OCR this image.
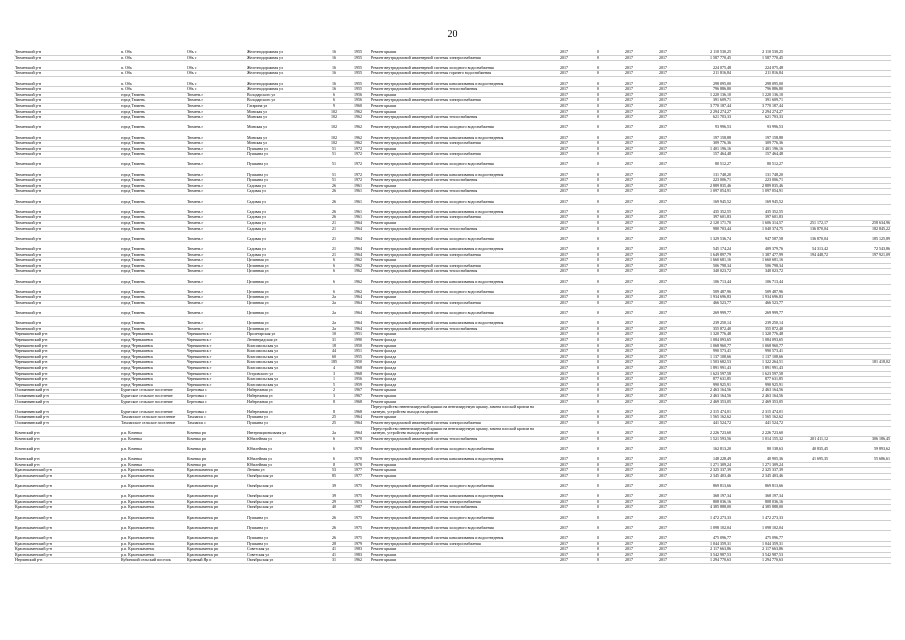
20
Тюменский р-н	п. Обь	Обь с	Железнодорожная ул	16	1955	Ремонт крыши	2017	0	2017	2017	2 110 530,25	2 110 530,25			
Тюменский р-н	п. Обь	Обь с	Железнодорожная ул	16	1955	Ремонт внутридомовой инженерной системы электроснабжения	2017	0	2017	2017	1 587 770,45	1 587 770,45			
Тюменский р-н	п. Обь	Обь с	Железнодорожная ул	16	1955	Ремонт внутридомовой инженерной системы холодного водоснабжения	2017	0	2017	2017	224 075,48	224 075,48			
Тюменский р-н	п. Обь	Обь с	Железнодорожная ул	16	1955	Ремонт внутридомовой инженерной системы горячего водоснабжения	2017	0	2017	2017	211 816,84	211 816,84			
Тюменский р-н	п. Обь	Обь с	Железнодорожная ул	16	1955	Ремонт внутридомовой инженерной системы канализования и водоотведения	2017	0	2017	2017	298 095,00	298 095,00			
Тюменский р-н	п. Обь	Обь с	Железнодорожная ул	16	1955	Ремонт внутридомовой инженерной системы теплоснабжения	2017	0	2017	2017	796 886,80	796 886,80			
Тюменский р-н	город Тюмень	Тюмень г	Володарского ул	6	1956	Ремонт крыши	2017	0	2017	2017	1 220 136,10	1 220 136,10			
Тюменский р-н	город Тюмень	Тюмень г	Володарского ул	6	1956	Ремонт внутридомовой инженерной системы электроснабжения	2017	0	2017	2017	391 609,71	391 609,71			
Тюменский р-н	город Тюмень	Тюмень г	Гагарина ул	9	1960	Ремонт крыши	2017	0	2017	2017	3 770 187,44	3 770 187,44			
Тюменский р-н	город Тюмень	Тюмень г	Минская ул	102	1962	Ремонт крыши	2017	0	2017	2017	2 294 274,27	2 294 274,27			
Тюменский р-н	город Тюмень	Тюмень г	Минская ул	102	1962	Ремонт внутридомовой инженерной системы теплоснабжения	2017	0	2017	2017	621 703,33	621 703,33			
Тюменский р-н	город Тюмень	Тюмень г	Минская ул	102	1962	Ремонт внутридомовой инженерной системы холодного водоснабжения	2017	0	2017	2017	93 996,53	93 996,53			
Тюменский р-н	город Тюмень	Тюмень г	Минская ул	102	1962	Ремонт внутридомовой инженерной системы канализования и водоотведения	2017	0	2017	2017	197 158,88	197 158,88			
Тюменский р-н	город Тюмень	Тюмень г	Минская ул	102	1962	Ремонт внутридомовой инженерной системы электроснабжения	2017	0	2017	2017	309 776,36	309 776,36			
Тюменский р-н	город Тюмень	Тюмень г	Пушкина ул	51	1972	Ремонт крыши	2017	0	2017	2017	1 401 196,16	1 401 196,16			
Тюменский р-н	город Тюмень	Тюмень г	Пушкина ул	51	1972	Ремонт внутридомовой инженерной системы электроснабжения	2017	0	2017	2017	157 464,48	157 464,48			
Тюменский р-н	город Тюмень	Тюмень г	Пушкина ул	51	1972	Ремонт внутридомовой инженерной системы холодного водоснабжения	2017	0	2017	2017	80 512,27	80 512,27			
Тюменский р-н	город Тюмень	Тюмень г	Пушкина ул	51	1972	Ремонт внутридомовой инженерной системы канализования и водоотведения	2017	0	2017	2017	131 748,20	131 748,20			
Тюменский р-н	город Тюмень	Тюмень г	Пушкина ул	51	1972	Ремонт внутридомовой инженерной системы теплоснабжения	2017	0	2017	2017	223 006,71	223 006,71			
Тюменский р-н	город Тюмень	Тюмень г	Садовая ул	26	1961	Ремонт крыши	2017	0	2017	2017	2 889 835,46	2 889 835,46			
Тюменский р-н	город Тюмень	Тюмень г	Садовая ул	26	1961	Ремонт внутридомовой инженерной системы теплоснабжения	2017	0	2017	2017	1 097 054,91	1 097 054,91			
Тюменский р-н	город Тюмень	Тюмень г	Садовая ул	26	1961	Ремонт внутридомовой инженерной системы холодного водоснабжения	2017	0	2017	2017	169 945,52	169 945,52			
Тюменский р-н	город Тюмень	Тюмень г	Садовая ул	26	1961	Ремонт внутридомовой инженерной системы канализования и водоотведения	2017	0	2017	2017	435 352,55	435 352,55			
Тюменский р-н	город Тюмень	Тюмень г	Садовая ул	26	1961	Ремонт внутридомовой инженерной системы электроснабжения	2017	0	2017	2017	397 601,83	397 601,83			
Тюменский р-н	город Тюмень	Тюмень г	Садовая ул	21	1964	Ремонт крыши	2017	0	2017	2017	2 120 171,70	1 606 314,57	251 172,17		258 634,96
Тюменский р-н	город Тюмень	Тюмень г	Садовая ул	21	1964	Ремонт внутридомовой инженерной системы теплоснабжения	2017	0	2017	2017	980 703,44	1 040 374,75	136 870,04		182 845,22
Тюменский р-н	город Тюмень	Тюмень г	Садовая ул	21	1964	Ремонт внутридомовой инженерной системы холодного водоснабжения	2017	0	2017	2017	1 329 536,74	947 587,58	136 870,04		185 125,89
Тюменский р-н	город Тюмень	Тюмень г	Садовая ул	21	1964	Ремонт внутридомовой инженерной системы канализования и водоотведения	2017	0	2017	2017	545 174,24	409 379,76	54 313,42		72 543,86
Тюменский р-н	город Тюмень	Тюмень г	Садовая ул	21	1964	Ремонт внутридомовой инженерной системы электроснабжения	2017	0	2017	2017	1 649 897,79	1 387 477,99	194 448,72		197 921,09
Тюменский р-н	город Тюмень	Тюмень г	Целинная ул	6	1962	Ремонт крыши	2017	0	2017	2017	1 660 681,16	1 660 681,16			
Тюменский р-н	город Тюмень	Тюмень г	Целинная ул	6	1962	Ремонт внутридомовой инженерной системы электроснабжения	2017	0	2017	2017	506 798,34	506 798,34			
Тюменский р-н	город Тюмень	Тюмень г	Целинная ул	6	1962	Ремонт внутридомовой инженерной системы теплоснабжения	2017	0	2017	2017	340 023,72	340 023,72			
Тюменский р-н	город Тюмень	Тюмень г	Целинная ул	6	1962	Ремонт внутридомовой инженерной системы канализования и водоотведения	2017	0	2017	2017	106 713,44	106 713,44			
Тюменский р-н	город Тюмень	Тюмень г	Целинная ул	6	1962	Ремонт внутридомовой инженерной системы холодного водоснабжения	2017	0	2017	2017	509 487,96	509 487,96			
Тюменский р-н	город Тюмень	Тюмень г	Целинная ул	2а	1964	Ремонт крыши	2017	0	2017	2017	1 934 696,83	1 934 696,83			
Тюменский р-н	город Тюмень	Тюмень г	Целинная ул	2а	1964	Ремонт внутридомовой инженерной системы электроснабжения	2017	0	2017	2017	466 523,77	466 523,77			
Тюменский р-н	город Тюмень	Тюмень г	Целинная ул	2а	1964	Ремонт внутридомовой инженерной системы холодного водоснабжения	2017	0	2017	2017	269 999,77	269 999,77			
Тюменский р-н	город Тюмень	Тюмень г	Целинная ул	2а	1964	Ремонт внутридомовой инженерной системы канализования и водоотведения	2017	0	2017	2017	239 250,14	239 250,14			
Тюменский р-н	город Тюмень	Тюмень г	Целинная ул	2а	1964	Ремонт внутридомовой инженерной системы теплоснабжения	2017	0	2017	2017	355 872,40	355 872,40			
Чернышевский р-н	город Чернышевск	Чернышевск г	Пролетарская ул	10	1951	Ремонт крыши	2017	0	2017	2017	1 320 776,48	1 320 776,48			
Чернышевский р-н	город Чернышевск	Чернышевск г	Ленинградская ул	31	1990	Ремонт фасада	2017	0	2017	2017	1 084 093,65	1 084 093,65			
Чернышевский р-н	город Чернышевск	Чернышевск г	Комсомольская ул	18	1950	Ремонт крыши	2017	0	2017	2017	1 068 960,77	1 068 960,77			
Чернышевский р-н	город Чернышевск	Чернышевск г	Комсомольская ул	44	1951	Ремонт фасада	2017	0	2017	2017	990 573,41	990 573,41			
Чернышевский р-н	город Чернышевск	Чернышевск г	Комсомольская ул	60	1955	Ремонт фасада	2017	0	2017	2017	1 137 108,66	1 137 108,66			
Чернышевский р-н	город Чернышевск	Чернышевск г	Комсомольская ул	185	1950	Ремонт фасада	2017	0	2017	2017	1 503 682,53	1 322 264,51			181 418,02
Чернышевский р-н	город Чернышевск	Чернышевск г	Комсомольская ул	4	1968	Ремонт фасада	2017	0	2017	2017	1 891 991,43	1 891 991,43			
Чернышевский р-н	город Чернышевск	Чернышевск г	Островского ул	3	1968	Ремонт фасада	2017	0	2017	2017	1 623 597,58	1 623 597,58			
Чернышевский р-н	город Чернышевск	Чернышевск г	Комсомольская ул	1	1956	Ремонт фасада	2017	0	2017	2017	877 631,85	877 631,85			
Чернышевский р-н	город Чернышевск	Чернышевск г	Комсомольская ул	5	1959	Ремонт фасада	2017	0	2017	2017	990 925,91	990 925,91			
Оловяннинский р-н	Бурятское сельское поселение	Березовка с	Набережная ул	2	1967	Ремонт крыши	2017	0	2017	2017	2 463 164,56	2 463 164,56			
Оловяннинский р-н	Бурятское сельское поселение	Березовка с	Набережная ул	3	1967	Ремонт крыши	2017	0	2017	2017	2 463 164,56	2 463 164,56			
Оловяннинский р-н	Бурятское сельское поселение	Березовка с	Набережная ул	8	1968	Ремонт крыши	2017	0	2017	2017	2 469 353,05	2 469 353,05			
Оловяннинский р-н	Бурятское сельское поселение	Березовка с	Набережная ул	8	1968	Переустройство невентилируемой крыши на вентилируемую крышу, замена плоской кровли на скатную, устройство выхода на кровлю	2017	0	2017	2017	2 315 474,01	2 315 474,01			
Оловяннинский р-н	Тамлапское сельское поселение	Тамлапск с	Пушкина ул	25	1964	Ремонт крыши	2017	0	2017	2017	1 565 162,62	1 565 162,62			
Оловяннинский р-н	Тамлапское сельское поселение	Тамлапск с	Пушкина ул	25	1964	Ремонт внутридомовой инженерной системы электроснабжения	2017	0	2017	2017	441 524,72	441 524,72			
Кочевский р-н	р.п. Кочевка	Кочевка рп	Интернациональная ул	2а	1964	Переустройство невентилируемой крыши на вентилируемую крышу, замена плоской кровли на скатную, устройство выхода на кровлю	2017	0	2017	2017	2 226 723,60	2 226 723,60			
Кочевский р-н	р.п. Кочевка	Кочевка рп	Юбилейная ул	6	1970	Ремонт внутридомовой инженерной системы теплоснабжения	2017	0	2017	2017	1 521 593,56	1 014 155,32	201 411,12		306 186,45
Кочевский р-н	р.п. Кочевка	Кочевка рп	Юбилейная ул	6	1970	Ремонт внутридомовой инженерной системы холодного водоснабжения	2017	0	2017	2017	162 813,20	80 138,63	40 835,45		59 893,62
Кочевский р-н	р.п. Кочевка	Кочевка рп	Юбилейная ул	6	1970	Ремонт внутридомовой инженерной системы канализования и водоотведения	2017	0	2017	2017	148 228,49	40 905,36	41 695,35		55 686,61
Кочевский р-н	р.п. Кочевка	Кочевка рп	Юбилейная ул	8	1970	Ремонт крыши	2017	0	2017	2017	1 271 309,24	1 271 309,24			
Краснокаменский р-н	р.п. Краснокаменск	Краснокаменск рп	Ленина ул	53	1977	Ремонт крыши	2017	0	2017	2017	2 325 337,39	2 325 337,39			
Краснокаменский р-н	р.п. Краснокаменск	Краснокаменск рп	Октябрьская ул	85	1977	Ремонт крыши	2017	0	2017	2017	2 345 403,46	2 345 403,46			
Краснокаменский р-н	р.п. Краснокаменск	Краснокаменск рп	Октябрьская ул	39	1975	Ремонт внутридомовой инженерной системы холодного водоснабжения	2017	0	2017	2017	869 813,66	869 813,66			
Краснокаменский р-н	р.п. Краснокаменск	Краснокаменск рп	Октябрьская ул	39	1975	Ремонт внутридомовой инженерной системы канализования и водоотведения	2017	0	2017	2017	368 197,34	368 197,34			
Краснокаменский р-н	р.п. Краснокаменск	Краснокаменск рп	Октябрьская ул	29	1973	Ремонт внутридомовой инженерной системы электроснабжения	2017	0	2017	2017	808 036,16	808 036,16			
Краснокаменский р-н	р.п. Краснокаменск	Краснокаменск рп	Октябрьская ул	40	1987	Ремонт внутридомовой инженерной системы теплоснабжения	2017	0	2017	2017	4 385 888,00	4 385 888,00			
Краснокаменский р-н	р.п. Краснокаменск	Краснокаменск рп	Пушкина ул	26	1975	Ремонт внутридомовой инженерной системы холодного водоснабжения	2017	0	2017	2017	1 472 273,33	1 472 273,33			
Краснокаменский р-н	р.п. Краснокаменск	Краснокаменск рп	Пушкина ул	26	1975	Ремонт внутридомовой инженерной системы холодного водоснабжения	2017	0	2017	2017	1 098 102,04	1 098 102,04			
Краснокаменский р-н	р.п. Краснокаменск	Краснокаменск рп	Пушкина ул	26	1975	Ремонт внутридомовой инженерной системы канализования и водоотведения	2017	0	2017	2017	475 096,77	475 096,77			
Краснокаменский р-н	р.п. Краснокаменск	Краснокаменск рп	Пушкина ул	28	1979	Ремонт внутридомовой инженерной системы электроснабжения	2017	0	2017	2017	1 044 359,31	1 044 359,31			
Краснокаменский р-н	р.п. Краснокаменск	Краснокаменск рп	Советская ул	41	1983	Ремонт крыши	2017	0	2017	2017	2 117 663,86	2 117 663,86			
Краснокаменский р-н	р.п. Краснокаменск	Краснокаменск рп	Советская ул	41	1983	Ремонт крыши	2017	0	2017	2017	3 542 987,53	3 542 987,53			
Нерчинский р-н	Кубинский сельский поселок	Кровный Яр п	Октябрьская ул	31	1962	Ремонт крыши	2017	0	2017	2017	1 294 770,63	1 294 770,63			
